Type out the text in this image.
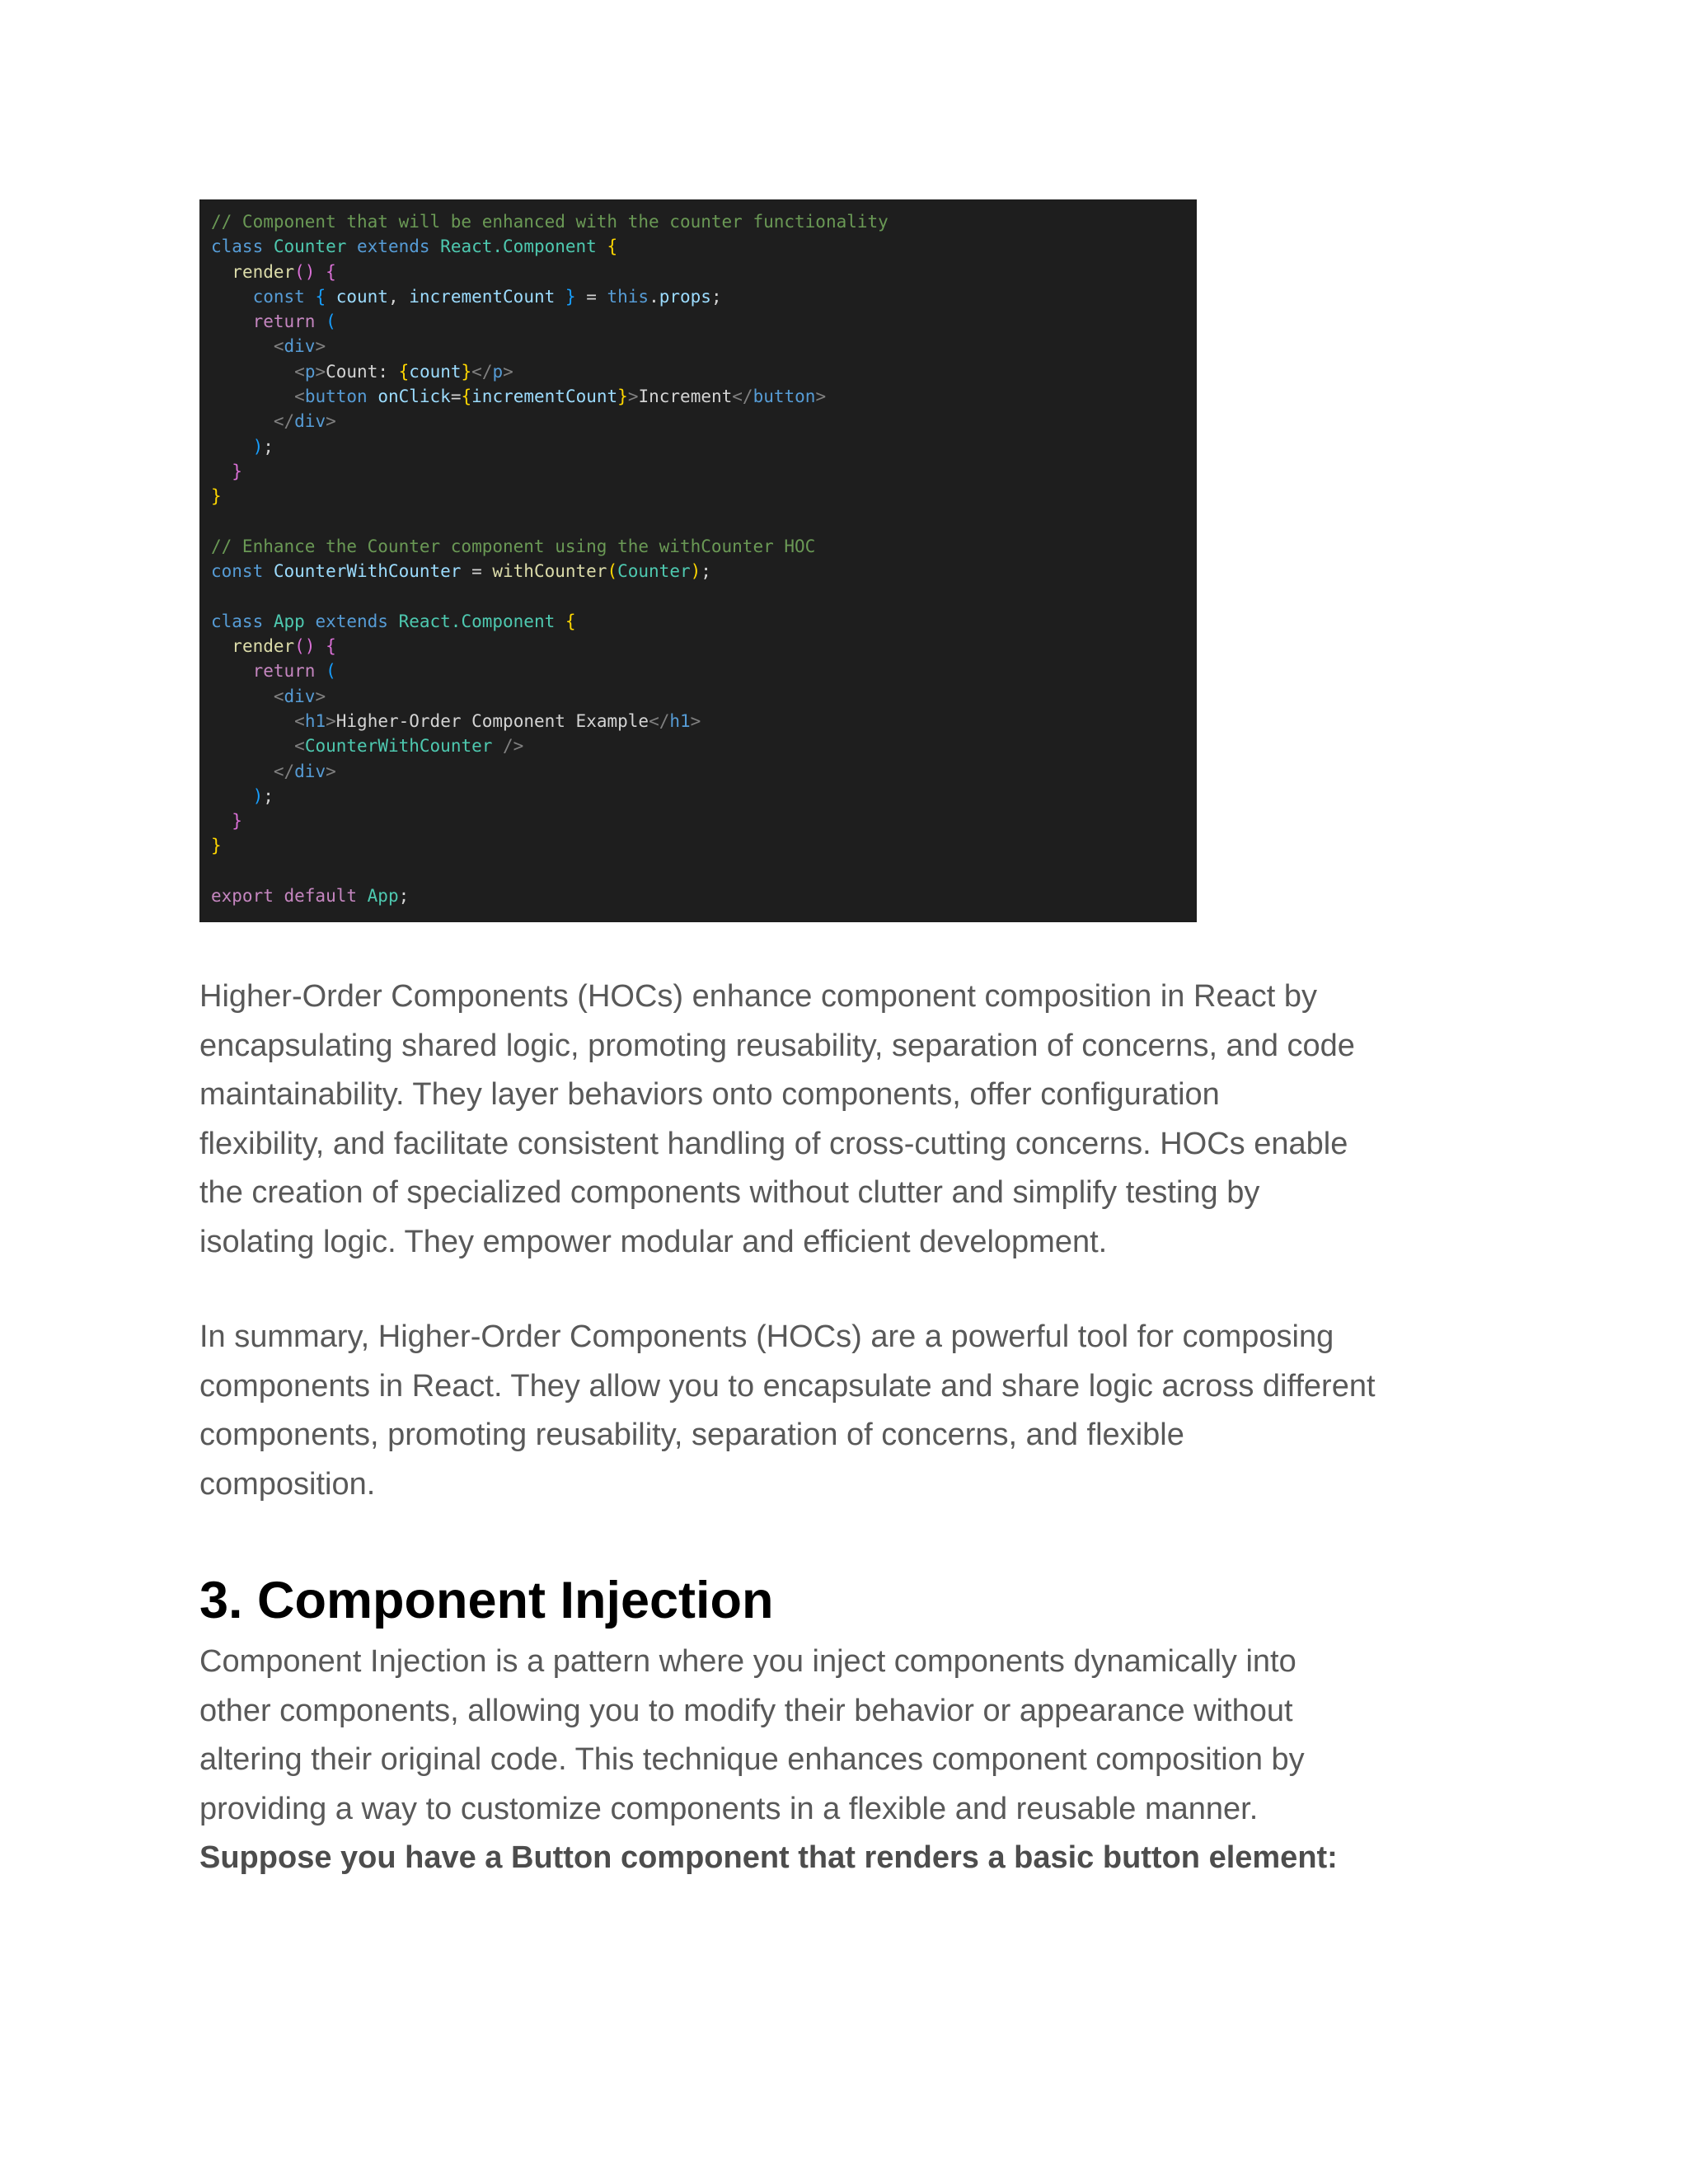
// Component that will be enhanced with the counter functionality
class Counter extends React.Component {
render() {
const { count, incrementCount } = this.props;
return (
<div>
<p>Count: {count}</p>
<button onClick={incrementCount}>Increment</button>
</div>
);
}
}
// Enhance the Counter component using the withCounter HOC
const CounterWithCounter = withCounter(Counter);
class App extends React.Component {
render() {
return (
<div>
<h1>Higher-Order Component Example</h1>
<CounterWithCounter />
</div>
);
}
}
export default App;

Higher-Order Components (HOCs) enhance component composition in React by
encapsulating shared logic, promoting reusability, separation of concerns, and code
maintainability. They layer behaviors onto components, offer configuration
flexibility, and facilitate consistent handling of cross-cutting concerns. HOCs enable
the creation of specialized components without clutter and simplify testing by
isolating logic. They empower modular and efficient development.

In summary, Higher-Order Components (HOCs) are a powerful tool for composing
components in React. They allow you to encapsulate and share logic across different
components, promoting reusability, separation of concerns, and flexible
composition.

3. Component Injection

Component Injection is a pattern where you inject components dynamically into
other components, allowing you to modify their behavior or appearance without
altering their original code. This technique enhances component composition by
providing a way to customize components in a flexible and reusable manner.
Suppose you have a Button component that renders a basic button element:
